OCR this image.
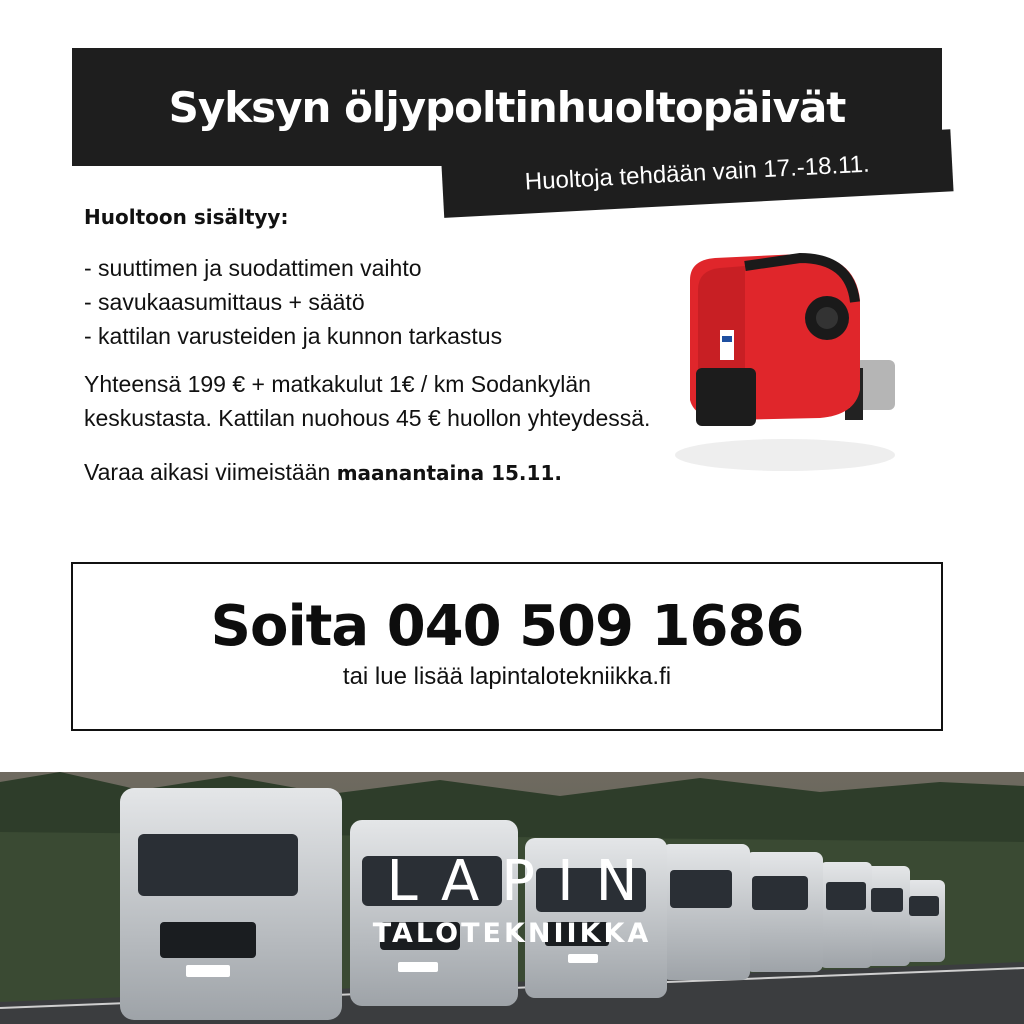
Syksyn öljypoltinhuoltopäivät
Huoltoja tehdään vain 17.-18.11.
Huoltoon sisältyy:
- suuttimen ja suodattimen vaihto
- savukaasumittaus + säätö
- kattilan varusteiden ja kunnon tarkastus

Yhteensä 199 € + matkakulut 1€ / km Sodankylän keskustasta. Kattilan nuohous 45 € huollon yhteydessä.

Varaa aikasi viimeistään maanantaina 15.11.

Soita 040 509 1686
tai lue lisää lapintalotekniikka.fi
LAPIN
TALOTEKNIIKKA
